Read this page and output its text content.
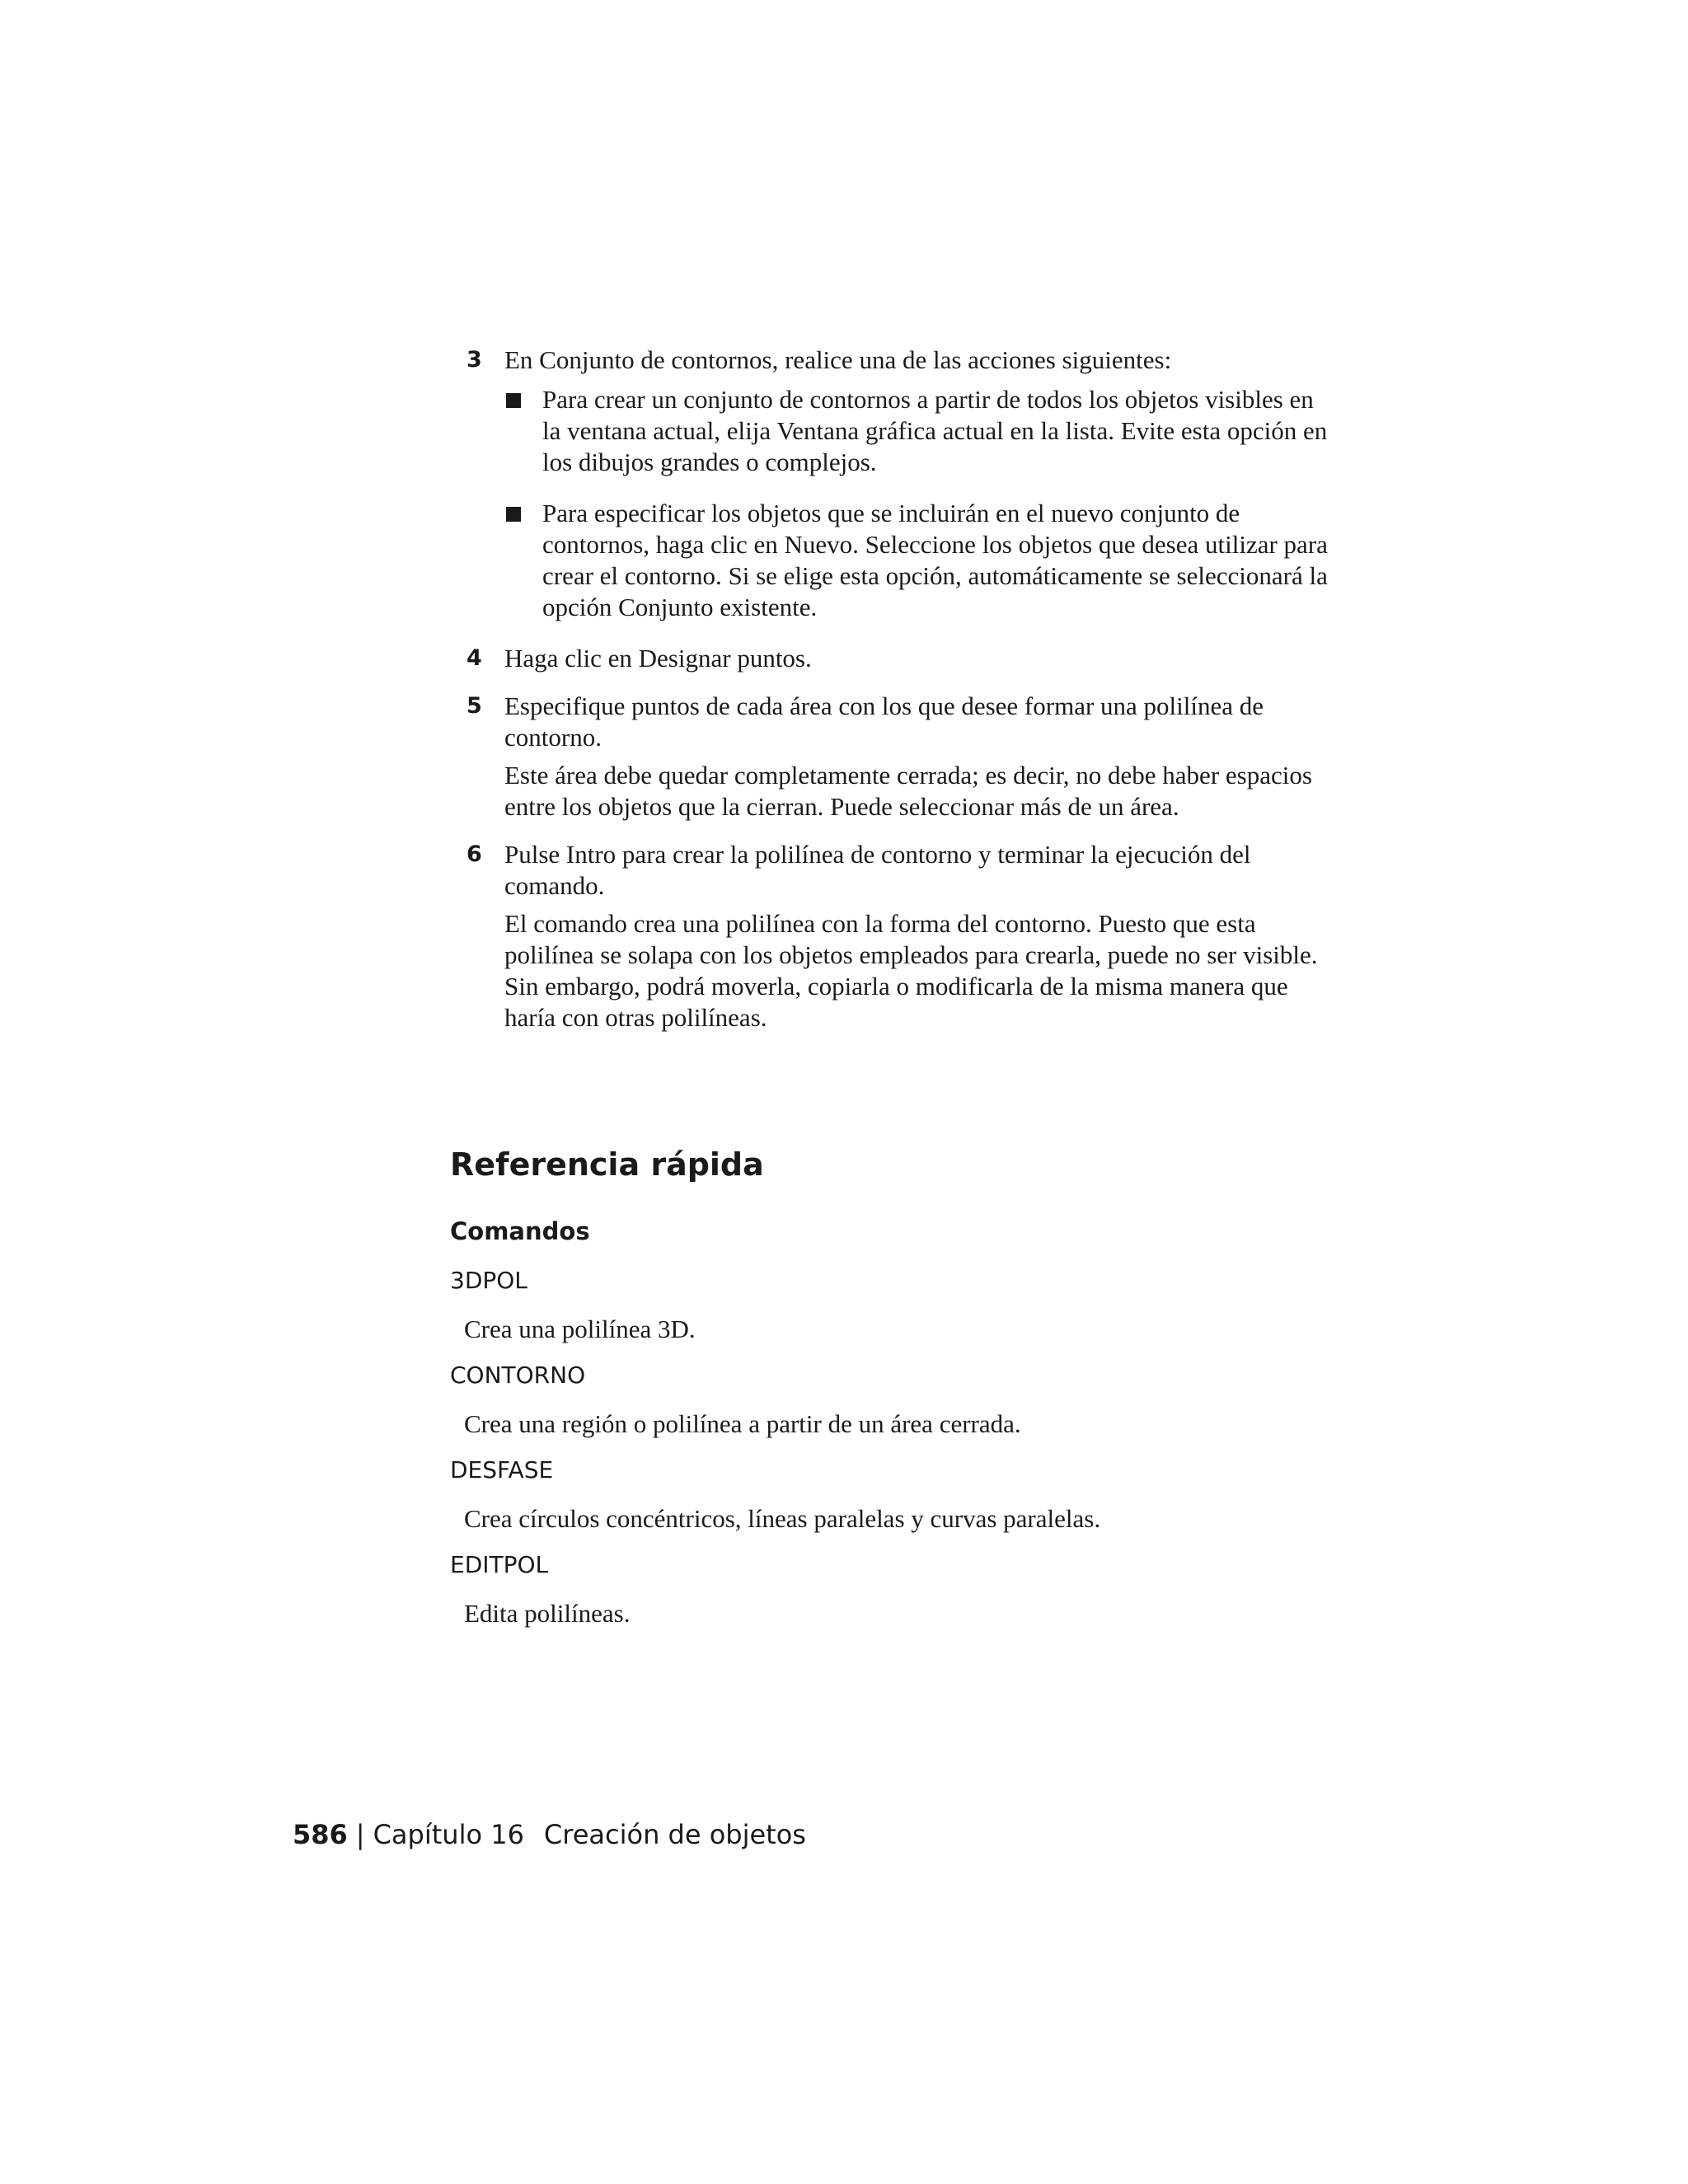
3 En Conjunto de contornos, realice una de las acciones siguientes:

Para crear un conjunto de contornos a partir de todos los objetos visibles en la ventana actual, elija Ventana gráfica actual en la lista. Evite esta opción en los dibujos grandes o complejos.
Para especificar los objetos que se incluirán en el nuevo conjunto de contornos, haga clic en Nuevo. Seleccione los objetos que desea utilizar para crear el contorno. Si se elige esta opción, automáticamente se seleccionará la opción Conjunto existente.
4 Haga clic en Designar puntos.

5 Especifique puntos de cada área con los que desee formar una polilínea de contorno.

Este área debe quedar completamente cerrada; es decir, no debe haber espacios entre los objetos que la cierran. Puede seleccionar más de un área.

6 Pulse Intro para crear la polilínea de contorno y terminar la ejecución del comando.

El comando crea una polilínea con la forma del contorno. Puesto que esta polilínea se solapa con los objetos empleados para crearla, puede no ser visible. Sin embargo, podrá moverla, copiarla o modificarla de la misma manera que haría con otras polilíneas.

Referencia rápida
Comandos
3DPOL
Crea una polilínea 3D.
CONTORNO
Crea una región o polilínea a partir de un área cerrada.
DESFASE
Crea círculos concéntricos, líneas paralelas y curvas paralelas.
EDITPOL
Edita polilíneas.
586 | Capítulo 16 Creación de objetos
